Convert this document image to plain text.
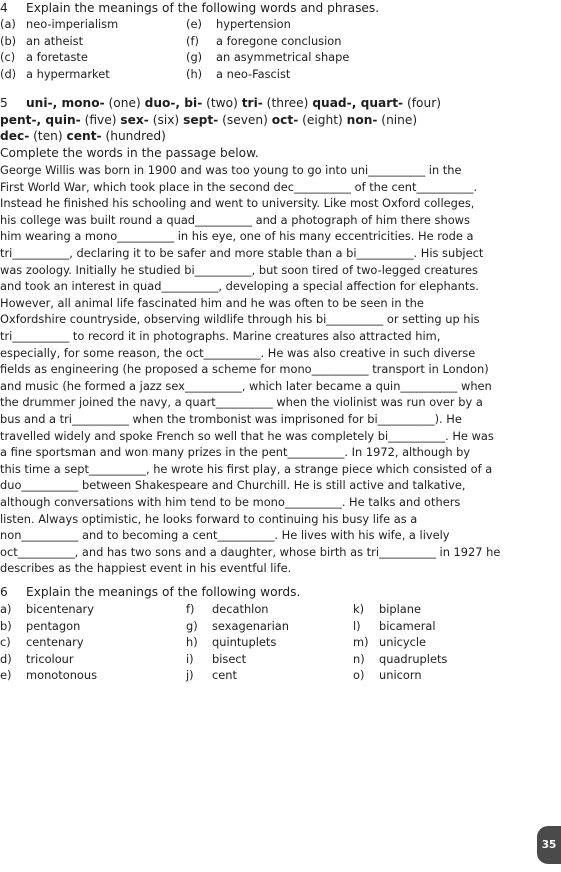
4 Explain the meanings of the following words and phrases.
(a) neo-imperialism
(b) an atheist
(c) a foretaste
(d) a hypermarket
(e) hypertension
(f) a foregone conclusion
(g) an asymmetrical shape
(h) a neo-Fascist
5 uni-, mono- (one) duo-, bi- (two) tri- (three) quad-, quart- (four)
pent-, quin- (five) sex- (six) sept- (seven) oct- (eight) non- (nine)
dec- (ten) cent- (hundred)
Complete the words in the passage below.
George Willis was born in 1900 and was too young to go into uni__________ in the
First World War, which took place in the second dec__________ of the cent__________.
Instead he finished his schooling and went to university. Like most Oxford colleges,
his college was built round a quad__________ and a photograph of him there shows
him wearing a mono__________ in his eye, one of his many eccentricities. He rode a
tri__________, declaring it to be safer and more stable than a bi__________. His subject
was zoology. Initially he studied bi__________, but soon tired of two-legged creatures
and took an interest in quad__________, developing a special affection for elephants.
However, all animal life fascinated him and he was often to be seen in the
Oxfordshire countryside, observing wildlife through his bi__________ or setting up his
tri__________ to record it in photographs. Marine creatures also attracted him,
especially, for some reason, the oct__________. He was also creative in such diverse
fields as engineering (he proposed a scheme for mono__________ transport in London)
and music (he formed a jazz sex__________, which later became a quin__________ when
the drummer joined the navy, a quart__________ when the violinist was run over by a
bus and a tri__________ when the trombonist was imprisoned for bi__________). He
travelled widely and spoke French so well that he was completely bi__________. He was
a fine sportsman and won many prizes in the pent__________. In 1972, although by
this time a sept__________, he wrote his first play, a strange piece which consisted of a
duo__________ between Shakespeare and Churchill. He is still active and talkative,
although conversations with him tend to be mono__________. He talks and others
listen. Always optimistic, he looks forward to continuing his busy life as a
non__________ and to becoming a cent__________. He lives with his wife, a lively
oct__________, and has two sons and a daughter, whose birth as tri__________ in 1927 he
describes as the happiest event in his eventful life.
6 Explain the meanings of the following words.
a) bicentenary
b) pentagon
c) centenary
d) tricolour
e) monotonous
f) decathlon
g) sexagenarian
h) quintuplets
i) bisect
j) cent
k) biplane
l) bicameral
m) unicycle
n) quadruplets
o) unicorn
35
